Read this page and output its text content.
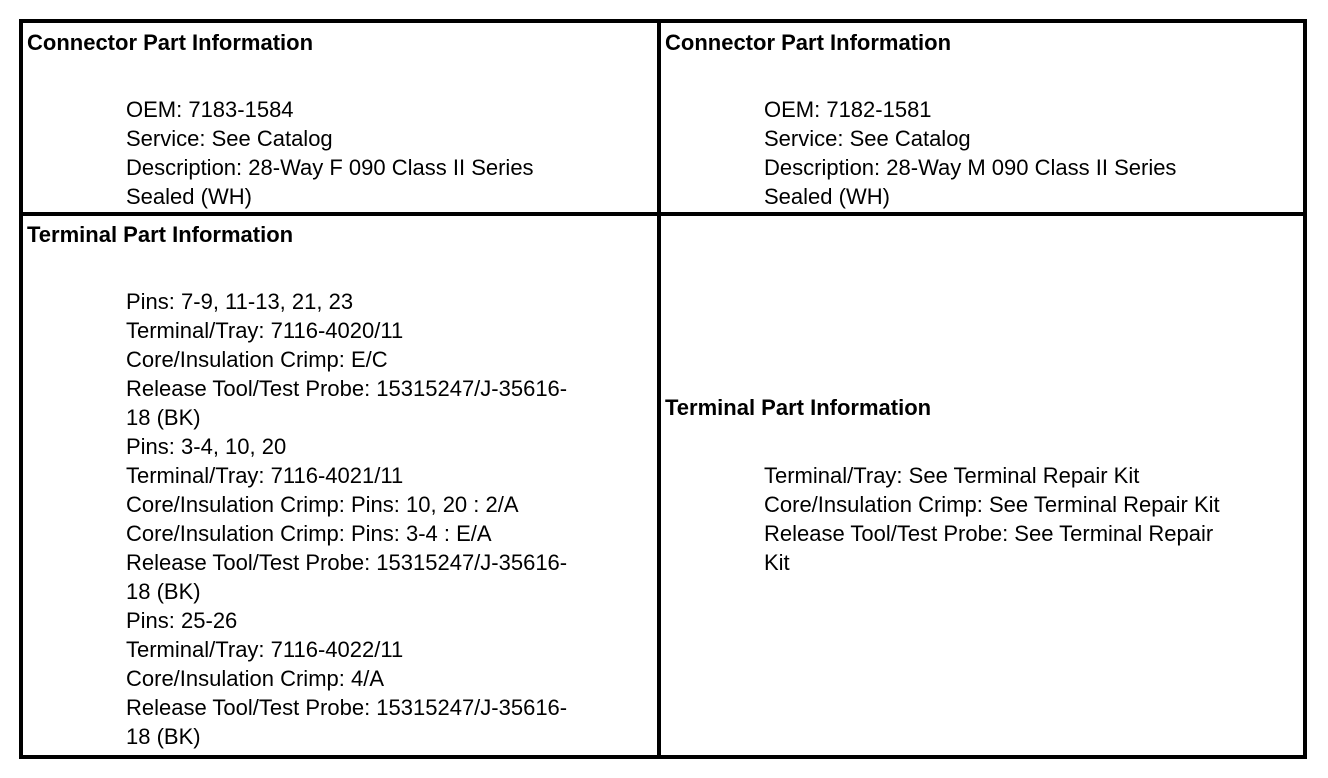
Connector Part Information
OEM: 7183-1584
Service: See Catalog
Description: 28-Way F 090 Class II Series
Sealed (WH)
Connector Part Information
OEM: 7182-1581
Service: See Catalog
Description: 28-Way M 090 Class II Series
Sealed (WH)
Terminal Part Information
Pins: 7-9, 11-13, 21, 23
Terminal/Tray: 7116-4020/11
Core/Insulation Crimp: E/C
Release Tool/Test Probe: 15315247/J-35616-
18 (BK)
Pins: 3-4, 10, 20
Terminal/Tray: 7116-4021/11
Core/Insulation Crimp: Pins: 10, 20 : 2/A
Core/Insulation Crimp: Pins: 3-4 : E/A
Release Tool/Test Probe: 15315247/J-35616-
18 (BK)
Pins: 25-26
Terminal/Tray: 7116-4022/11
Core/Insulation Crimp: 4/A
Release Tool/Test Probe: 15315247/J-35616-
18 (BK)
Terminal Part Information
Terminal/Tray: See Terminal Repair Kit
Core/Insulation Crimp: See Terminal Repair Kit
Release Tool/Test Probe: See Terminal Repair
Kit
